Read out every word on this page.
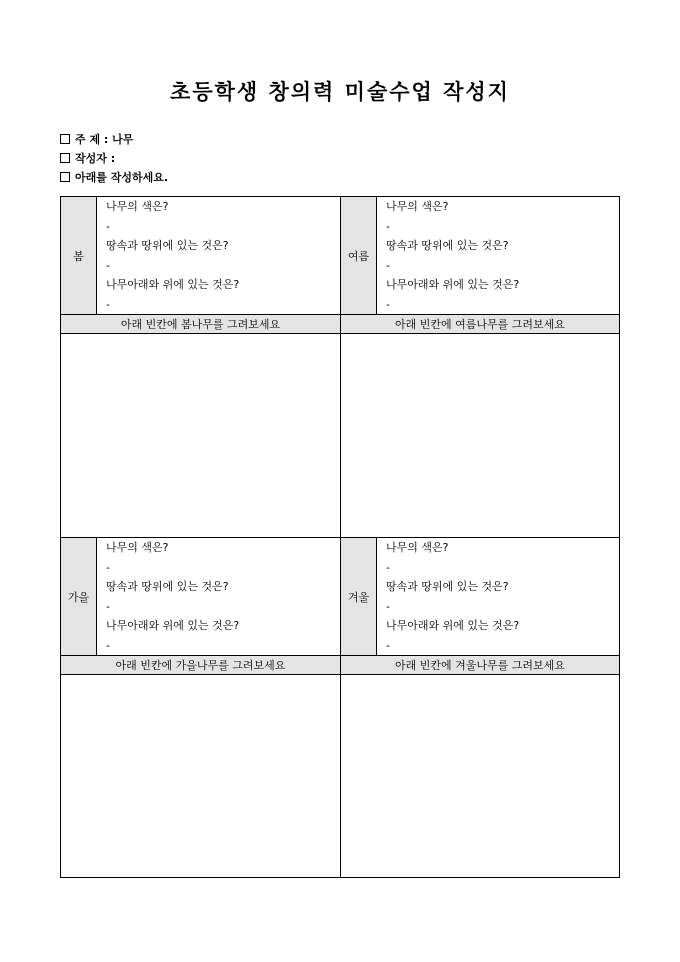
초등학생 창의력 미술수업 작성지
주 제 : 나무
작성자 :
아래를 작성하세요.
봄
나무의 색은?
-
땅속과 땅위에 있는 것은?
-
나무아래와 위에 있는 것은?
-
여름
나무의 색은?
-
땅속과 땅위에 있는 것은?
-
나무아래와 위에 있는 것은?
-
아래 빈칸에 봄나무를 그려보세요	아래 빈칸에 여름나무를 그려보세요
가을
나무의 색은?
-
땅속과 땅위에 있는 것은?
-
나무아래와 위에 있는 것은?
-
겨울
나무의 색은?
-
땅속과 땅위에 있는 것은?
-
나무아래와 위에 있는 것은?
-
아래 빈칸에 가을나무를 그려보세요	아래 빈칸에 겨울나무를 그려보세요
